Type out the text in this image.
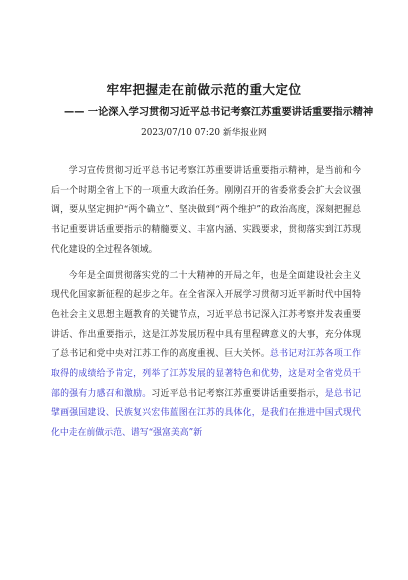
牢牢把握走在前做示范的重大定位
—— 一论深入学习贯彻习近平总书记考察江苏重要讲话重要指示精神
2023/07/10 07:20 新华报业网

学习宣传贯彻习近平总书记考察江苏重要讲话重要指示精神，是当前和今后一个时期全省上下的一项重大政治任务。刚刚召开的省委常委会扩大会议强调，要从坚定拥护“两个确立”、坚决做到“两个维护”的政治高度，深刻把握总书记重要讲话重要指示的精髓要义、丰富内涵、实践要求，贯彻落实到江苏现代化建设的全过程各领域。

今年是全面贯彻落实党的二十大精神的开局之年，也是全面建设社会主义现代化国家新征程的起步之年。在全省深入开展学习贯彻习近平新时代中国特色社会主义思想主题教育的关键节点，习近平总书记深入江苏考察并发表重要讲话、作出重要指示，这是江苏发展历程中具有里程碑意义的大事，充分体现了总书记和党中央对江苏工作的高度重视、巨大关怀。总书记对江苏各项工作取得的成绩给予肯定，列举了江苏发展的显著特色和优势，这是对全省党员干部的强有力感召和激励。习近平总书记考察江苏重要讲话重要指示，是总书记擘画强国建设、民族复兴宏伟蓝图在江苏的具体化，是我们在推进中国式现代化中走在前做示范、谱写“强富美高”新
